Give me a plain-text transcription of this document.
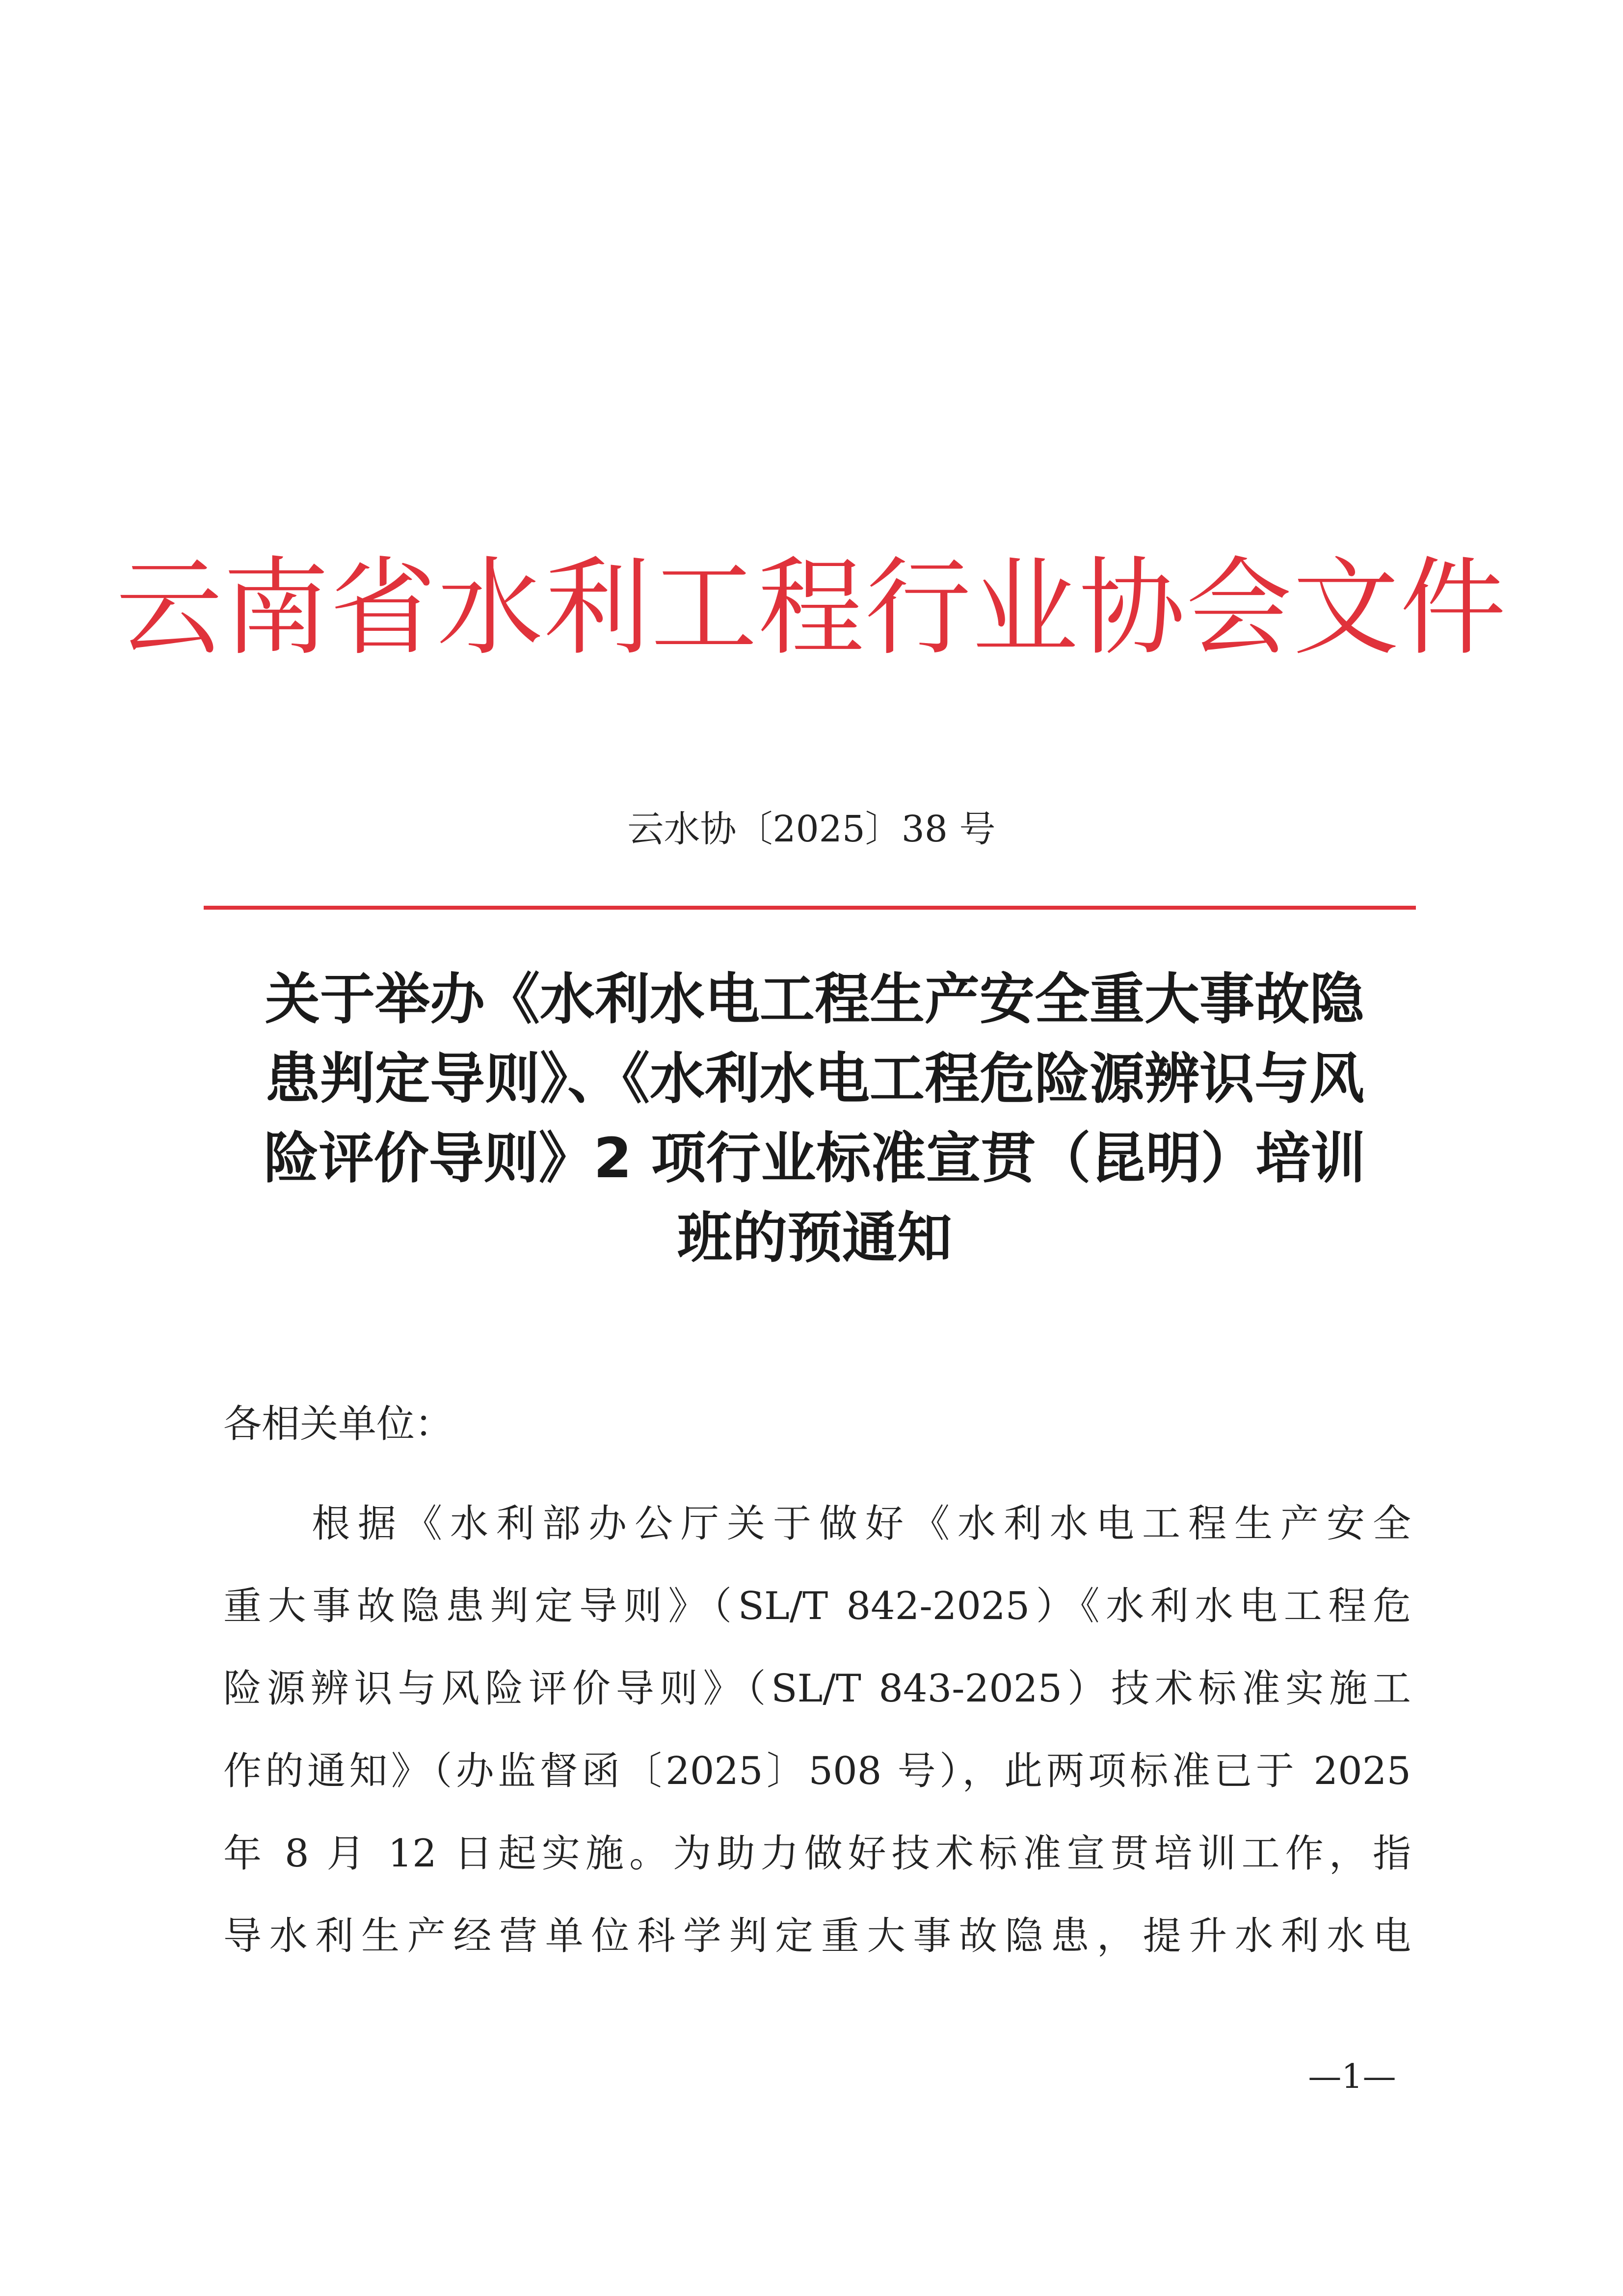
云南省水利工程行业协会文件
云水协〔2025〕38 号
关于举办《水利水电工程生产安全重大事故隐
患判定导则》、《水利水电工程危险源辨识与风
险评价导则》2 项行业标准宣贯（昆明）培训
班的预通知
各相关单位：
根据《水利部办公厅关于做好《水利水电工程生产安全
重大事故隐患判定导则》（SL/T 842-2025）《水利水电工程危
险源辨识与风险评价导则》（SL/T 843-2025）技术标准实施工
作的通知》（办监督函〔2025〕508 号），此两项标准已于 2025
年 8 月 12 日起实施。为助力做好技术标准宣贯培训工作，指
导水利生产经营单位科学判定重大事故隐患，提升水利水电
—1—
